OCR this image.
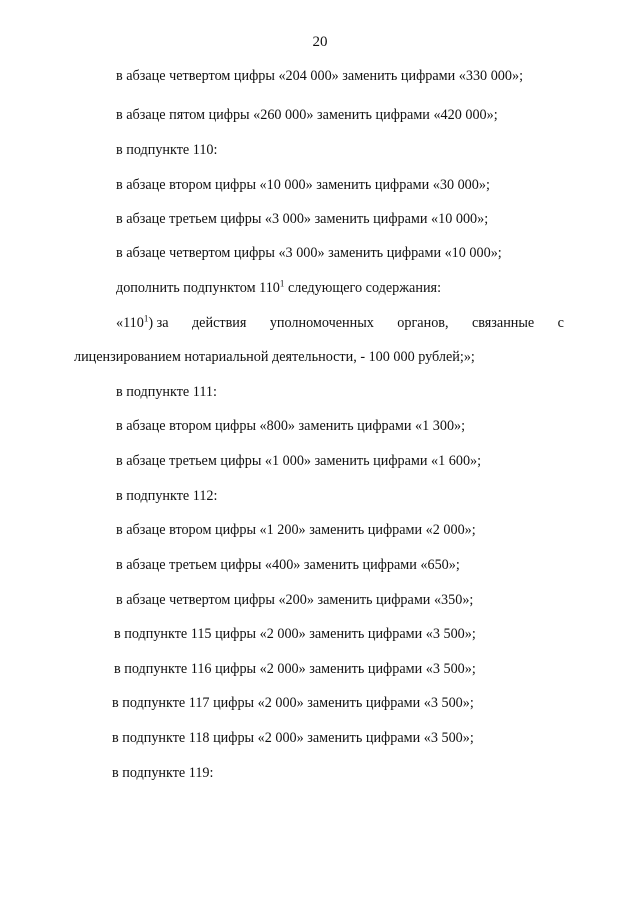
20
в абзаце четвертом цифры «204 000» заменить цифрами «330 000»;
в абзаце пятом цифры «260 000» заменить цифрами «420 000»;
в подпункте 110:
в абзаце втором цифры «10 000» заменить цифрами «30 000»;
в абзаце третьем цифры «3 000» заменить цифрами «10 000»;
в абзаце четвертом цифры «3 000» заменить цифрами «10 000»;
дополнить подпунктом $110^1$ следующего содержания:
«$110^1$) за действия уполномоченных органов, связанные с
лицензированием нотариальной деятельности, - 100 000 рублей;»;
в подпункте 111:
в абзаце втором цифры «800» заменить цифрами «1 300»;
в абзаце третьем цифры «1 000» заменить цифрами «1 600»;
в подпункте 112:
в абзаце втором цифры «1 200» заменить цифрами «2 000»;
в абзаце третьем цифры «400» заменить цифрами «650»;
в абзаце четвертом цифры «200» заменить цифрами «350»;
в подпункте 115 цифры «2 000» заменить цифрами «3 500»;
в подпункте 116 цифры «2 000» заменить цифрами «3 500»;
в подпункте 117 цифры «2 000» заменить цифрами «3 500»;
в подпункте 118 цифры «2 000» заменить цифрами «3 500»;
в подпункте 119:
